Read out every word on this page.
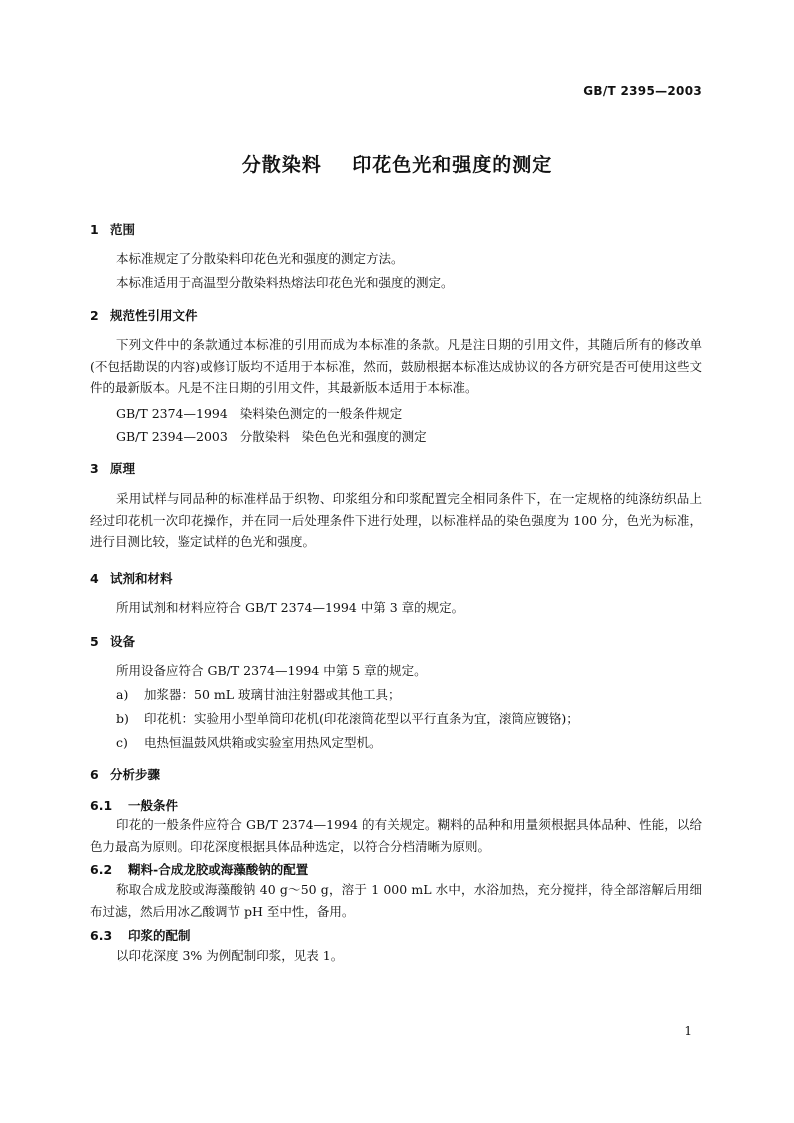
GB/T 2395—2003
分散染料    印花色光和强度的测定
1 范围
本标准规定了分散染料印花色光和强度的测定方法。
本标准适用于高温型分散染料热熔法印花色光和强度的测定。
2 规范性引用文件
下列文件中的条款通过本标准的引用而成为本标准的条款。凡是注日期的引用文件，其随后所有的修改单(不包括勘误的内容)或修订版均不适用于本标准，然而，鼓励根据本标准达成协议的各方研究是否可使用这些文件的最新版本。凡是不注日期的引用文件，其最新版本适用于本标准。
GB/T 2374—1994   染料染色测定的一般条件规定
GB/T 2394—2003   分散染料   染色色光和强度的测定
3 原理
采用试样与同品种的标准样品于织物、印浆组分和印浆配置完全相同条件下，在一定规格的纯涤纺织品上经过印花机一次印花操作，并在同一后处理条件下进行处理，以标准样品的染色强度为 100 分，色光为标准，进行目测比较，鉴定试样的色光和强度。
4 试剂和材料
所用试剂和材料应符合 GB/T 2374—1994 中第 3 章的规定。
5 设备
所用设备应符合 GB/T 2374—1994 中第 5 章的规定。
a) 加浆器：50 mL 玻璃甘油注射器或其他工具；
b) 印花机：实验用小型单筒印花机(印花滚筒花型以平行直条为宜，滚筒应镀铬)；
c) 电热恒温鼓风烘箱或实验室用热风定型机。
6 分析步骤
6.1 一般条件
印花的一般条件应符合 GB/T 2374—1994 的有关规定。糊料的品种和用量须根据具体品种、性能，以给色力最高为原则。印花深度根据具体品种选定，以符合分档清晰为原则。
6.2 糊料-合成龙胶或海藻酸钠的配置
称取合成龙胶或海藻酸钠 40 g～50 g，溶于 1 000 mL 水中，水浴加热，充分搅拌，待全部溶解后用细布过滤，然后用冰乙酸调节 pH 至中性，备用。
6.3 印浆的配制
以印花深度 3% 为例配制印浆，见表 1。
1
